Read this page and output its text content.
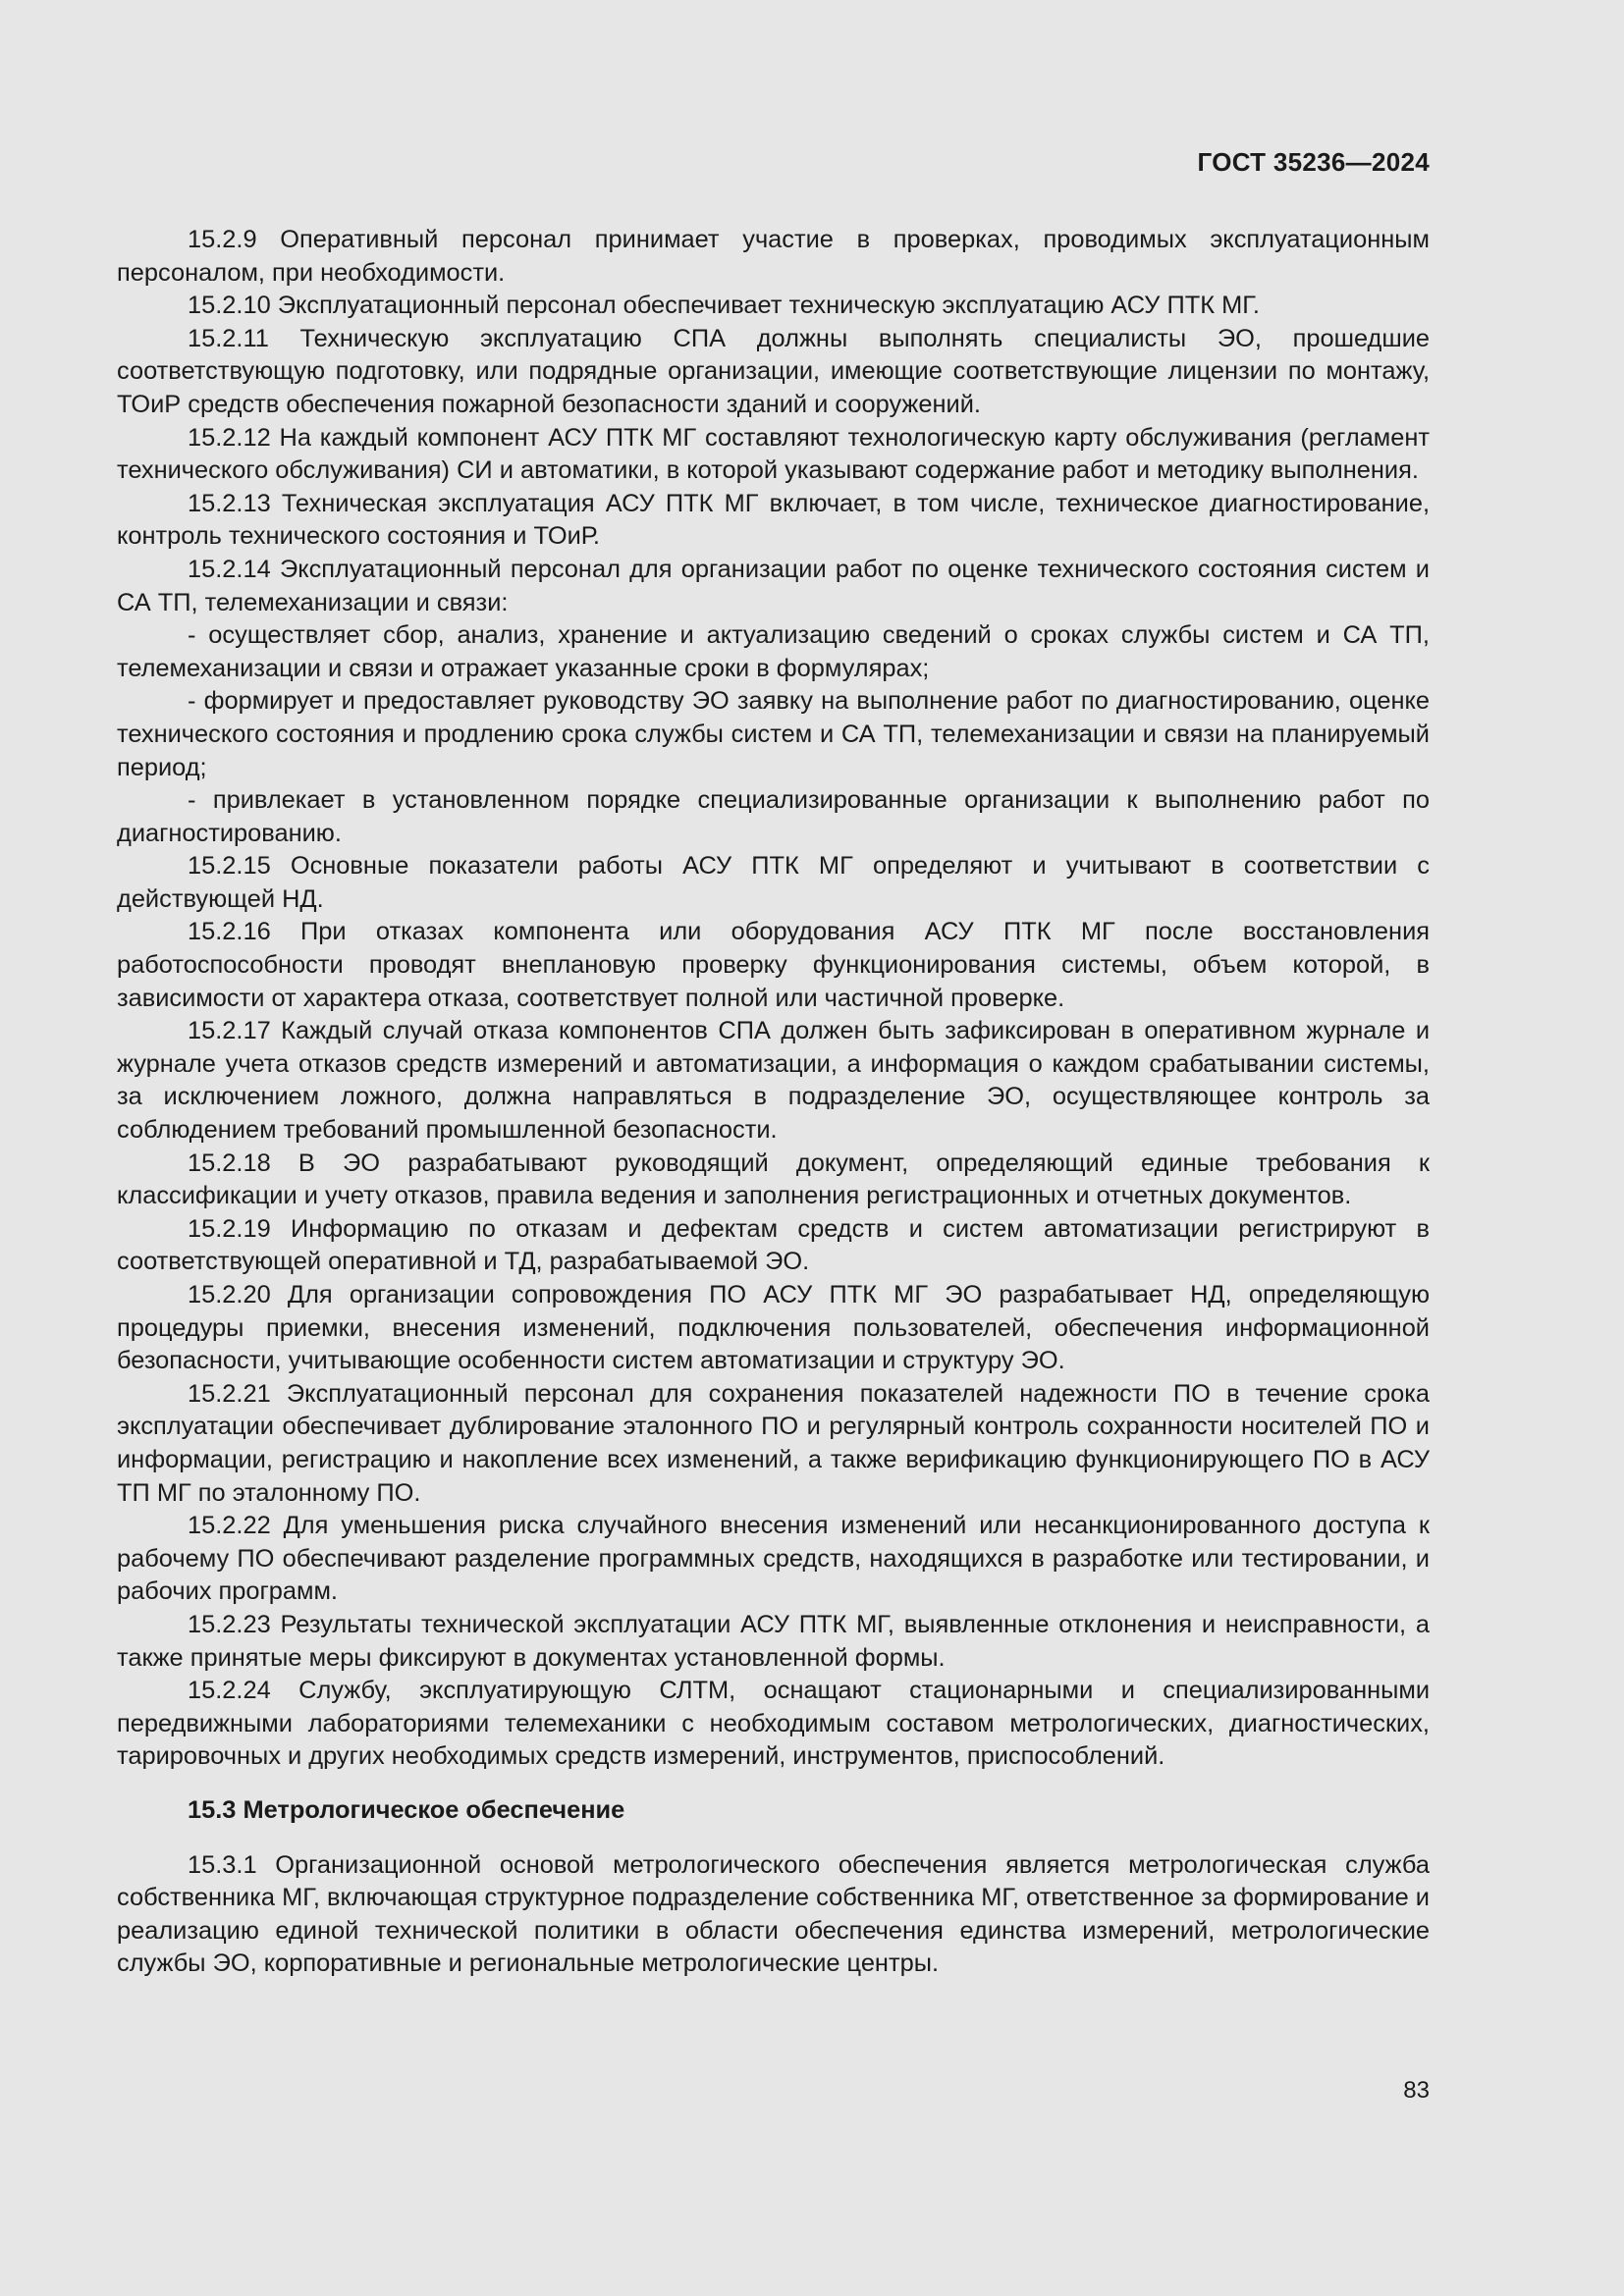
ГОСТ 35236—2024

15.2.9 Оперативный персонал принимает участие в проверках, проводимых эксплуатационным персоналом, при необходимости.

15.2.10 Эксплуатационный персонал обеспечивает техническую эксплуатацию АСУ ПТК МГ.

15.2.11 Техническую эксплуатацию СПА должны выполнять специалисты ЭО, прошедшие соответствующую подготовку, или подрядные организации, имеющие соответствующие лицензии по монтажу, ТОиР средств обеспечения пожарной безопасности зданий и сооружений.

15.2.12 На каждый компонент АСУ ПТК МГ составляют технологическую карту обслуживания (регламент технического обслуживания) СИ и автоматики, в которой указывают содержание работ и методику выполнения.

15.2.13 Техническая эксплуатация АСУ ПТК МГ включает, в том числе, техническое диагностирование, контроль технического состояния и ТОиР.

15.2.14 Эксплуатационный персонал для организации работ по оценке технического состояния систем и СА ТП, телемеханизации и связи:

- осуществляет сбор, анализ, хранение и актуализацию сведений о сроках службы систем и СА ТП, телемеханизации и связи и отражает указанные сроки в формулярах;

- формирует и предоставляет руководству ЭО заявку на выполнение работ по диагностированию, оценке технического состояния и продлению срока службы систем и СА ТП, телемеханизации и связи на планируемый период;

- привлекает в установленном порядке специализированные организации к выполнению работ по диагностированию.

15.2.15 Основные показатели работы АСУ ПТК МГ определяют и учитывают в соответствии с действующей НД.

15.2.16 При отказах компонента или оборудования АСУ ПТК МГ после восстановления работоспособности проводят внеплановую проверку функционирования системы, объем которой, в зависимости от характера отказа, соответствует полной или частичной проверке.

15.2.17 Каждый случай отказа компонентов СПА должен быть зафиксирован в оперативном журнале и журнале учета отказов средств измерений и автоматизации, а информация о каждом срабатывании системы, за исключением ложного, должна направляться в подразделение ЭО, осуществляющее контроль за соблюдением требований промышленной безопасности.

15.2.18 В ЭО разрабатывают руководящий документ, определяющий единые требования к классификации и учету отказов, правила ведения и заполнения регистрационных и отчетных документов.

15.2.19 Информацию по отказам и дефектам средств и систем автоматизации регистрируют в соответствующей оперативной и ТД, разрабатываемой ЭО.

15.2.20 Для организации сопровождения ПО АСУ ПТК МГ ЭО разрабатывает НД, определяющую процедуры приемки, внесения изменений, подключения пользователей, обеспечения информационной безопасности, учитывающие особенности систем автоматизации и структуру ЭО.

15.2.21 Эксплуатационный персонал для сохранения показателей надежности ПО в течение срока эксплуатации обеспечивает дублирование эталонного ПО и регулярный контроль сохранности носителей ПО и информации, регистрацию и накопление всех изменений, а также верификацию функционирующего ПО в АСУ ТП МГ по эталонному ПО.

15.2.22 Для уменьшения риска случайного внесения изменений или несанкционированного доступа к рабочему ПО обеспечивают разделение программных средств, находящихся в разработке или тестировании, и рабочих программ.

15.2.23 Результаты технической эксплуатации АСУ ПТК МГ, выявленные отклонения и неисправности, а также принятые меры фиксируют в документах установленной формы.

15.2.24 Службу, эксплуатирующую СЛТМ, оснащают стационарными и специализированными передвижными лабораториями телемеханики с необходимым составом метрологических, диагностических, тарировочных и других необходимых средств измерений, инструментов, приспособлений.

15.3 Метрологическое обеспечение

15.3.1 Организационной основой метрологического обеспечения является метрологическая служба собственника МГ, включающая структурное подразделение собственника МГ, ответственное за формирование и реализацию единой технической политики в области обеспечения единства измерений, метрологические службы ЭО, корпоративные и региональные метрологические центры.

83
